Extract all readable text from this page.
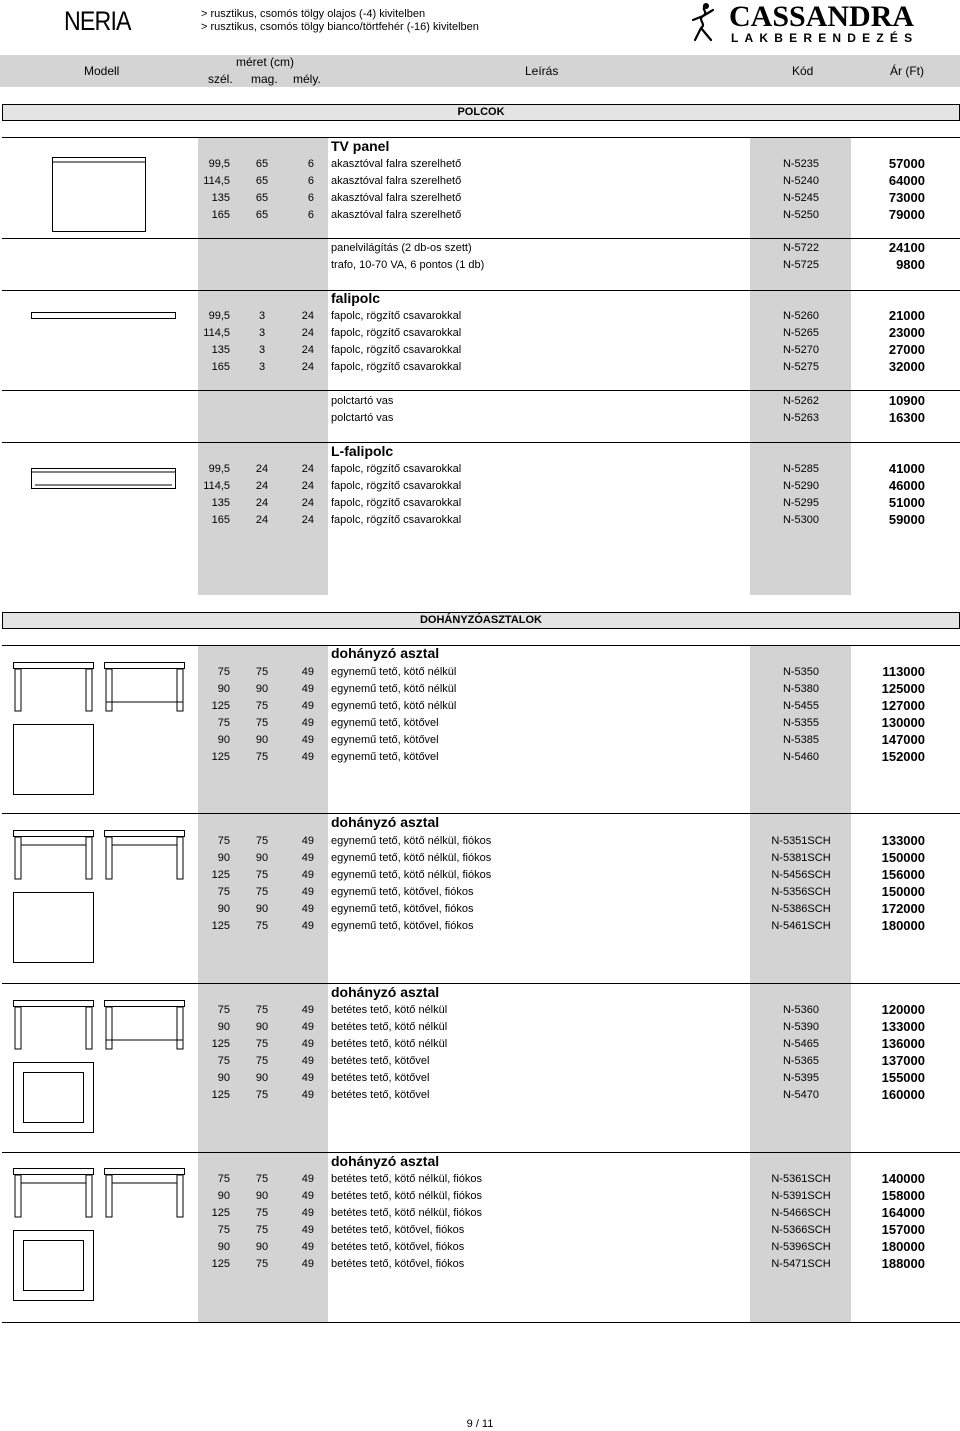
NERIA	> rusztikus, csomós tölgy olajos (-4) kivitelben
> rusztikus, csomós tölgy bianco/törtfehér (-16) kivitelben	CASSANDRA
LAKBERENDEZÉS
Modell
méret (cm)
szél. mag. mély.
Leírás	Kód	Ár (Ft)
POLCOK
DOHÁNYZÓASZTALOK
TV panel
99,5	65	6 akasztóval falra szerelhető	N-5235	57000
114,5	65	6 akasztóval falra szerelhető	N-5240	64000
135	65	6 akasztóval falra szerelhető	N-5245	73000
165	65	6 akasztóval falra szerelhető	N-5250	79000
panelvilágítás (2 db-os szett)	N-5722	24100
trafo, 10-70 VA, 6 pontos (1 db)	N-5725	9800
falipolc
99,5	3	24 fapolc, rögzítő csavarokkal	N-5260	21000
114,5	3	24 fapolc, rögzítő csavarokkal	N-5265	23000
135	3	24 fapolc, rögzítő csavarokkal	N-5270	27000
165	3	24 fapolc, rögzítő csavarokkal	N-5275	32000
polctartó vas	N-5262	10900
polctartó vas	N-5263	16300
L-falipolc
99,5	24	24 fapolc, rögzítő csavarokkal	N-5285	41000
114,5	24	24 fapolc, rögzítő csavarokkal	N-5290	46000
135	24	24 fapolc, rögzítő csavarokkal	N-5295	51000
165	24	24 fapolc, rögzítő csavarokkal	N-5300	59000
dohányzó asztal
75	75	49 egynemű tető, kötő nélkül	N-5350	113000
90	90	49 egynemű tető, kötő nélkül	N-5380	125000
125	75	49 egynemű tető, kötő nélkül	N-5455	127000
75	75	49 egynemű tető, kötővel	N-5355	130000
90	90	49 egynemű tető, kötővel	N-5385	147000
125	75	49 egynemű tető, kötővel	N-5460	152000
dohányzó asztal
75	75	49 egynemű tető, kötő nélkül, fiókos	N-5351SCH	133000
90	90	49 egynemű tető, kötő nélkül, fiókos	N-5381SCH	150000
125	75	49 egynemű tető, kötő nélkül, fiókos	N-5456SCH	156000
75	75	49 egynemű tető, kötővel, fiókos	N-5356SCH	150000
90	90	49 egynemű tető, kötővel, fiókos	N-5386SCH	172000
125	75	49 egynemű tető, kötővel, fiókos	N-5461SCH	180000
dohányzó asztal
75	75	49 betétes tető, kötő nélkül	N-5360	120000
90	90	49 betétes tető, kötő nélkül	N-5390	133000
125	75	49 betétes tető, kötő nélkül	N-5465	136000
75	75	49 betétes tető, kötővel	N-5365	137000
90	90	49 betétes tető, kötővel	N-5395	155000
125	75	49 betétes tető, kötővel	N-5470	160000
dohányzó asztal
75	75	49 betétes tető, kötő nélkül, fiókos	N-5361SCH	140000
90	90	49 betétes tető, kötő nélkül, fiókos	N-5391SCH	158000
125	75	49 betétes tető, kötő nélkül, fiókos	N-5466SCH	164000
75	75	49 betétes tető, kötővel, fiókos	N-5366SCH	157000
90	90	49 betétes tető, kötővel, fiókos	N-5396SCH	180000
125	75	49 betétes tető, kötővel, fiókos	N-5471SCH	188000
9 / 11
